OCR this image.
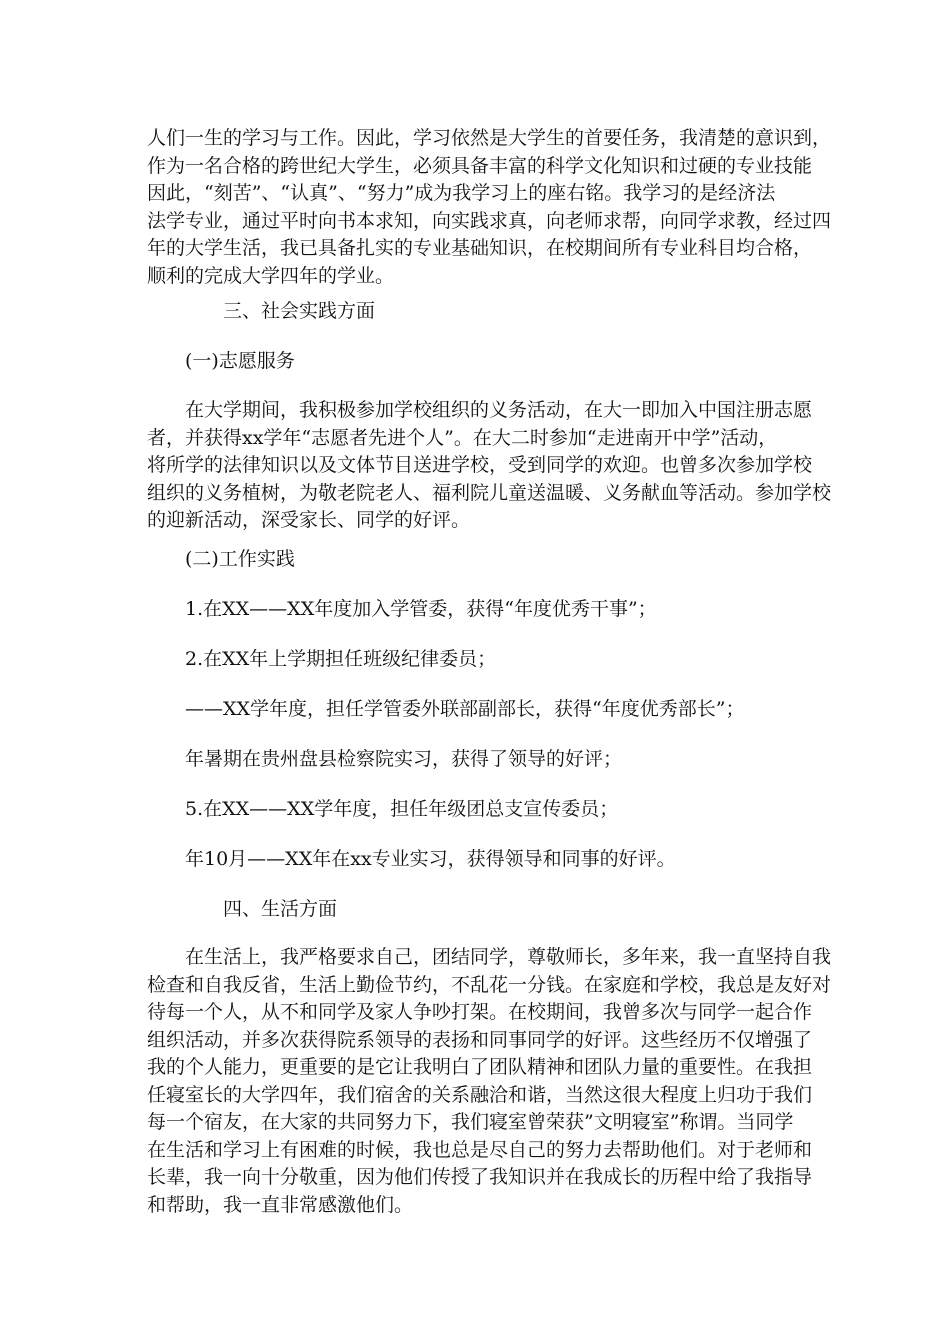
人们一生的学习与工作。因此，学习依然是大学生的首要任务，我清楚的意识到，
作为一名合格的跨世纪大学生，必须具备丰富的科学文化知识和过硬的专业技能
因此，“刻苦”、“认真”、“努力”成为我学习上的座右铭。我学习的是经济法
法学专业，通过平时向书本求知，向实践求真，向老师求帮，向同学求教，经过四
年的大学生活，我已具备扎实的专业基础知识，在校期间所有专业科目均合格，
顺利的完成大学四年的学业。
三、社会实践方面
(一)志愿服务
在大学期间，我积极参加学校组织的义务活动，在大一即加入中国注册志愿
者，并获得xx学年“志愿者先进个人”。在大二时参加“走进南开中学”活动，
将所学的法律知识以及文体节目送进学校，受到同学的欢迎。也曾多次参加学校
组织的义务植树，为敬老院老人、福利院儿童送温暖、义务献血等活动。参加学校
的迎新活动，深受家长、同学的好评。
(二)工作实践
1.在XX——XX年度加入学管委，获得“年度优秀干事”；
2.在XX年上学期担任班级纪律委员；
——XX学年度，担任学管委外联部副部长，获得“年度优秀部长”；
年暑期在贵州盘县检察院实习，获得了领导的好评；
5.在XX——XX学年度，担任年级团总支宣传委员；
年10月——XX年在xx专业实习，获得领导和同事的好评。
四、生活方面
在生活上，我严格要求自己，团结同学，尊敬师长，多年来，我一直坚持自我
检查和自我反省，生活上勤俭节约，不乱花一分钱。在家庭和学校，我总是友好对
待每一个人，从不和同学及家人争吵打架。在校期间，我曾多次与同学一起合作
组织活动，并多次获得院系领导的表扬和同事同学的好评。这些经历不仅增强了
我的个人能力，更重要的是它让我明白了团队精神和团队力量的重要性。在我担
任寝室长的大学四年，我们宿舍的关系融洽和谐，当然这很大程度上归功于我们
每一个宿友，在大家的共同努力下，我们寝室曾荣获”文明寝室”称谓。当同学
在生活和学习上有困难的时候，我也总是尽自己的努力去帮助他们。对于老师和
长辈，我一向十分敬重，因为他们传授了我知识并在我成长的历程中给了我指导
和帮助，我一直非常感激他们。
